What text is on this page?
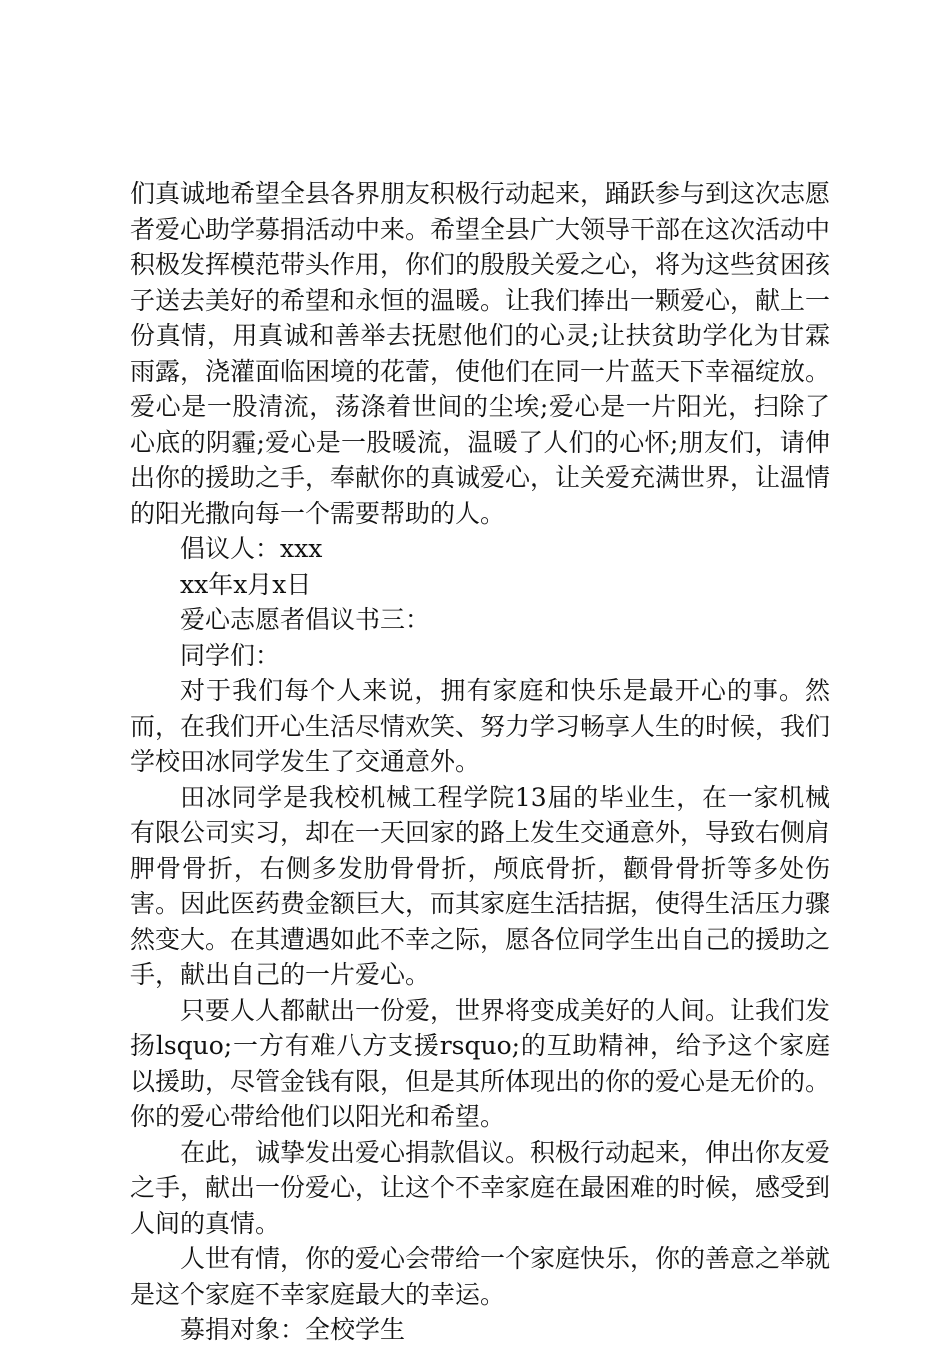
们真诚地希望全县各界朋友积极行动起来，踊跃参与到这次志愿者爱心助学募捐活动中来。希望全县广大领导干部在这次活动中积极发挥模范带头作用，你们的殷殷关爱之心，将为这些贫困孩子送去美好的希望和永恒的温暖。让我们捧出一颗爱心，献上一份真情，用真诚和善举去抚慰他们的心灵;让扶贫助学化为甘霖雨露，浇灌面临困境的花蕾，使他们在同一片蓝天下幸福绽放。爱心是一股清流，荡涤着世间的尘埃;爱心是一片阳光，扫除了心底的阴霾;爱心是一股暖流，温暖了人们的心怀;朋友们，请伸出你的援助之手，奉献你的真诚爱心，让关爱充满世界，让温情的阳光撒向每一个需要帮助的人。

倡议人：xxx

xx年x月x日

爱心志愿者倡议书三：

同学们：

对于我们每个人来说，拥有家庭和快乐是最开心的事。然而，在我们开心生活尽情欢笑、努力学习畅享人生的时候，我们学校田冰同学发生了交通意外。

田冰同学是我校机械工程学院13届的毕业生，在一家机械有限公司实习，却在一天回家的路上发生交通意外，导致右侧肩胛骨骨折，右侧多发肋骨骨折，颅底骨折，颧骨骨折等多处伤害。因此医药费金额巨大，而其家庭生活拮据，使得生活压力骤然变大。在其遭遇如此不幸之际，愿各位同学生出自己的援助之手，献出自己的一片爱心。

只要人人都献出一份爱，世界将变成美好的人间。让我们发扬lsquo;一方有难八方支援rsquo;的互助精神，给予这个家庭以援助，尽管金钱有限，但是其所体现出的你的爱心是无价的。你的爱心带给他们以阳光和希望。

在此，诚挚发出爱心捐款倡议。积极行动起来，伸出你友爱之手，献出一份爱心，让这个不幸家庭在最困难的时候，感受到人间的真情。

人世有情，你的爱心会带给一个家庭快乐，你的善意之举就是这个家庭不幸家庭最大的幸运。

募捐对象：全校学生
